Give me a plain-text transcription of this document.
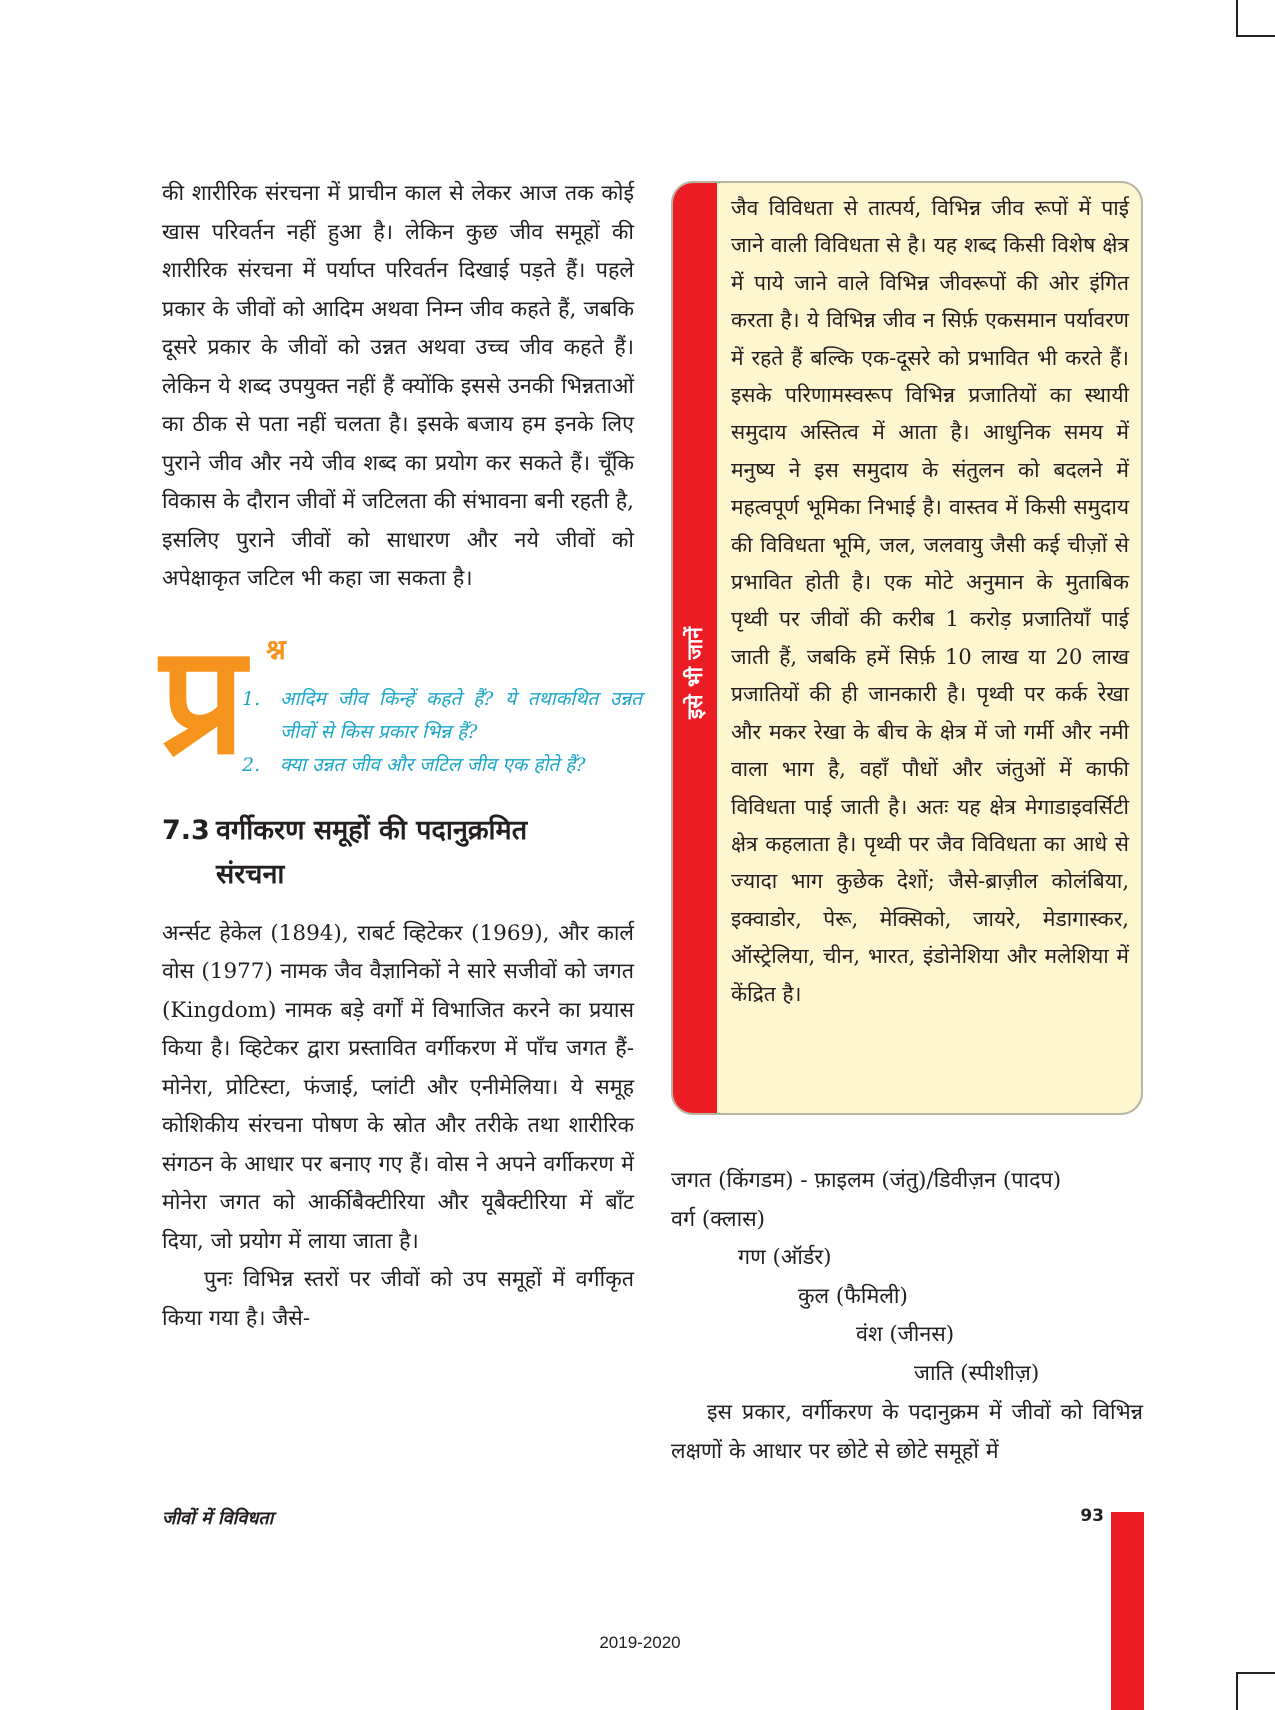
की शारीरिक संरचना में प्राचीन काल से लेकर आज तक कोई खास परिवर्तन नहीं हुआ है। लेकिन कुछ जीव समूहों की शारीरिक संरचना में पर्याप्त परिवर्तन दिखाई पड़ते हैं। पहले प्रकार के जीवों को आदिम अथवा निम्न जीव कहते हैं, जबकि दूसरे प्रकार के जीवों को उन्नत अथवा उच्च जीव कहते हैं। लेकिन ये शब्द उपयुक्त नहीं हैं क्योंकि इससे उनकी भिन्नताओं का ठीक से पता नहीं चलता है। इसके बजाय हम इनके लिए पुराने जीव और नये जीव शब्द का प्रयोग कर सकते हैं। चूँकि विकास के दौरान जीवों में जटिलता की संभावना बनी रहती है, इसलिए पुराने जीवों को साधारण और नये जीवों को अपेक्षाकृत जटिल भी कहा जा सकता है।

प्र श्न
1.	आदिम जीव किन्हें कहते हैं? ये तथाकथित उन्नत जीवों से किस प्रकार भिन्न हैं?
2.	क्या उन्नत जीव और जटिल जीव एक होते हैं?
7.3 वर्गीकरण समूहों की पदानुक्रमित
संरचना

अर्न्सट हेकेल (1894), राबर्ट व्हिटेकर (1969), और कार्ल वोस (1977) नामक जैव वैज्ञानिकों ने सारे सजीवों को जगत (Kingdom) नामक बड़े वर्गों में विभाजित करने का प्रयास किया है। व्हिटेकर द्वारा प्रस्तावित वर्गीकरण में पाँच जगत हैं- मोनेरा, प्रोटिस्टा, फंजाई, प्लांटी और एनीमेलिया। ये समूह कोशिकीय संरचना पोषण के स्रोत और तरीके तथा शारीरिक संगठन के आधार पर बनाए गए हैं। वोस ने अपने वर्गीकरण में मोनेरा जगत को आर्कीबैक्टीरिया और यूबैक्टीरिया में बाँट दिया, जो प्रयोग में लाया जाता है।

पुनः विभिन्न स्तरों पर जीवों को उप समूहों में वर्गीकृत किया गया है। जैसे-

इसे भी जानें
जैव विविधता से तात्पर्य, विभिन्न जीव रूपों में पाई जाने वाली विविधता से है। यह शब्द किसी विशेष क्षेत्र में पाये जाने वाले विभिन्न जीवरूपों की ओर इंगित करता है। ये विभिन्न जीव न सिर्फ़ एकसमान पर्यावरण में रहते हैं बल्कि एक-दूसरे को प्रभावित भी करते हैं। इसके परिणामस्वरूप विभिन्न प्रजातियों का स्थायी समुदाय अस्तित्व में आता है। आधुनिक समय में मनुष्य ने इस समुदाय के संतुलन को बदलने में महत्वपूर्ण भूमिका निभाई है। वास्तव में किसी समुदाय की विविधता भूमि, जल, जलवायु जैसी कई चीज़ों से प्रभावित होती है। एक मोटे अनुमान के मुताबिक पृथ्वी पर जीवों की करीब 1 करोड़ प्रजातियाँ पाई जाती हैं, जबकि हमें सिर्फ़ 10 लाख या 20 लाख प्रजातियों की ही जानकारी है। पृथ्वी पर कर्क रेखा और मकर रेखा के बीच के क्षेत्र में जो गर्मी और नमी वाला भाग है, वहाँ पौधों और जंतुओं में काफी विविधता पाई जाती है। अतः यह क्षेत्र मेगाडाइवर्सिटी क्षेत्र कहलाता है। पृथ्वी पर जैव विविधता का आधे से ज्यादा भाग कुछेक देशों; जैसे-ब्राज़ील कोलंबिया, इक्वाडोर, पेरू, मेक्सिको, जायरे, मेडागास्कर, ऑस्ट्रेलिया, चीन, भारत, इंडोनेशिया और मलेशिया में केंद्रित है।
जगत (किंगडम) - फ़ाइलम (जंतु)/डिवीज़न (पादप)
वर्ग (क्लास)
गण (ऑर्डर)
कुल (फैमिली)
वंश (जीनस)
जाति (स्पीशीज़)
इस प्रकार, वर्गीकरण के पदानुक्रम में जीवों को विभिन्न लक्षणों के आधार पर छोटे से छोटे समूहों में
जीवों में विविधता	93
2019-2020
